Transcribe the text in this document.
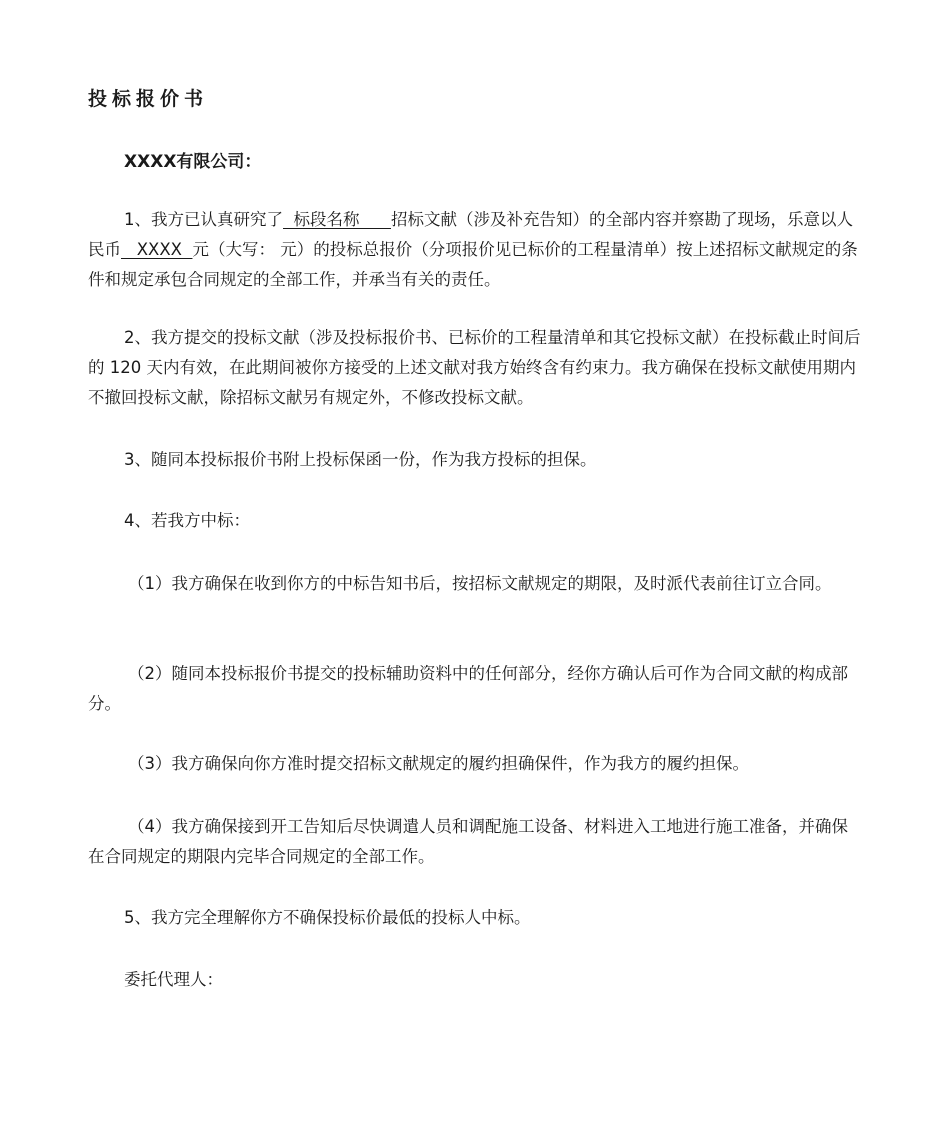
投标报价书

XXXX有限公司：

1、我方已认真研究了  标段名称      招标文献（涉及补充告知）的全部内容并察勘了现场，乐意以人民币   XXXX  元（大写： 元）的投标总报价（分项报价见已标价的工程量清单）按上述招标文献规定的条件和规定承包合同规定的全部工作，并承当有关的责任。

2、我方提交的投标文献（涉及投标报价书、已标价的工程量清单和其它投标文献）在投标截止时间后的 120 天内有效，在此期间被你方接受的上述文献对我方始终含有约束力。我方确保在投标文献使用期内不撤回投标文献，除招标文献另有规定外，不修改投标文献。

3、随同本投标报价书附上投标保函一份，作为我方投标的担保。

4、若我方中标：

（1）我方确保在收到你方的中标告知书后，按招标文献规定的期限，及时派代表前往订立合同。

（2）随同本投标报价书提交的投标辅助资料中的任何部分，经你方确认后可作为合同文献的构成部分。

（3）我方确保向你方准时提交招标文献规定的履约担确保件，作为我方的履约担保。

（4）我方确保接到开工告知后尽快调遣人员和调配施工设备、材料进入工地进行施工准备，并确保在合同规定的期限内完毕合同规定的全部工作。

5、我方完全理解你方不确保投标价最低的投标人中标。

委托代理人：
